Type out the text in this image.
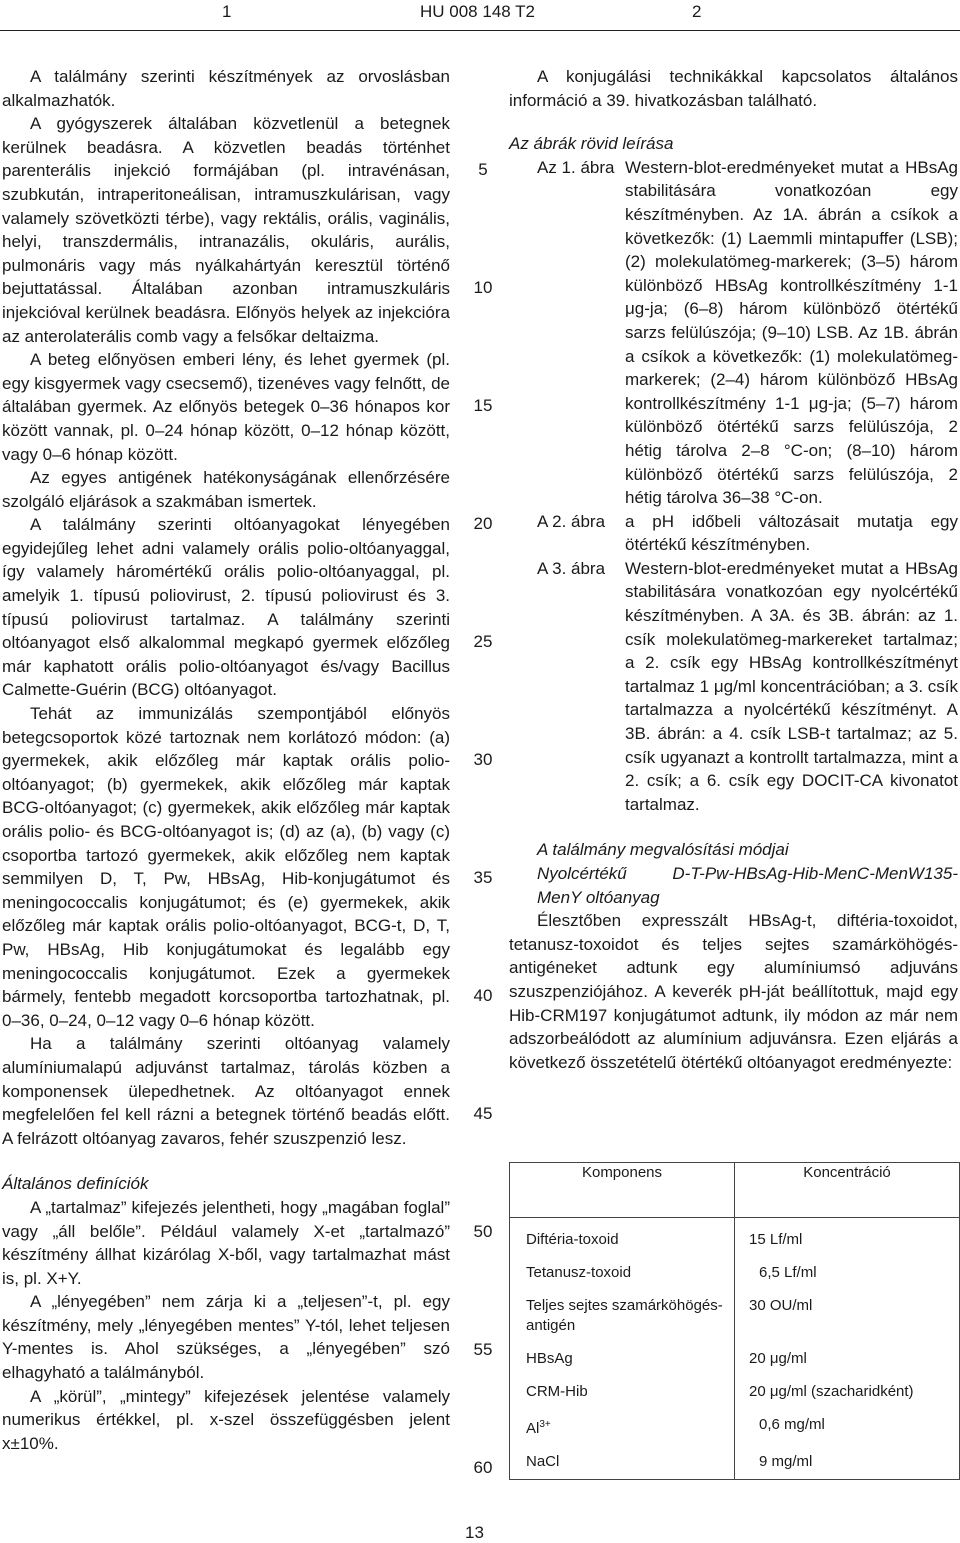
1	HU 008 148 T2	2

A találmány szerinti készítmények az orvoslásban alkalmazhatók.

A gyógyszerek általában közvetlenül a betegnek kerülnek beadásra. A közvetlen beadás történhet parenterális injekció formájában (pl. intravénásan, szubkután, intraperitoneálisan, intramuszkulárisan, vagy valamely szövetközti térbe), vagy rektális, orális, vaginális, helyi, transzdermális, intranazális, okuláris, aurális, pulmonáris vagy más nyálkahártyán keresztül történő bejuttatással. Általában azonban intramuszkuláris injekcióval kerülnek beadásra. Előnyös helyek az injekcióra az anterolaterális comb vagy a felsőkar deltaizma.

A beteg előnyösen emberi lény, és lehet gyermek (pl. egy kisgyermek vagy csecsemő), tizenéves vagy felnőtt, de általában gyermek. Az előnyös betegek 0–36 hónapos kor között vannak, pl. 0–24 hónap között, 0–12 hónap között, vagy 0–6 hónap között.

Az egyes antigének hatékonyságának ellenőrzésére szolgáló eljárások a szakmában ismertek.

A találmány szerinti oltóanyagokat lényegében egyidejűleg lehet adni valamely orális polio-oltóanyaggal, így valamely háromértékű orális polio-oltóanyaggal, pl. amelyik 1. típusú poliovirust, 2. típusú poliovirust és 3. típusú poliovirust tartalmaz. A találmány szerinti oltóanyagot első alkalommal megkapó gyermek előzőleg már kaphatott orális polio-oltóanyagot és/vagy Bacillus Calmette-Guérin (BCG) oltóanyagot.

Tehát az immunizálás szempontjából előnyös betegcsoportok közé tartoznak nem korlátozó módon: (a) gyermekek, akik előzőleg már kaptak orális polio-oltóanyagot; (b) gyermekek, akik előzőleg már kaptak BCG-oltóanyagot; (c) gyermekek, akik előzőleg már kaptak orális polio- és BCG-oltóanyagot is; (d) az (a), (b) vagy (c) csoportba tartozó gyermekek, akik előzőleg nem kaptak semmilyen D, T, Pw, HBsAg, Hib-konjugátumot és meningococcalis konjugátumot; és (e) gyermekek, akik előzőleg már kaptak orális polio-oltóanyagot, BCG-t, D, T, Pw, HBsAg, Hib konjugátumokat és legalább egy meningococcalis konjugátumot. Ezek a gyermekek bármely, fentebb megadott korcsoportba tartozhatnak, pl. 0–36, 0–24, 0–12 vagy 0–6 hónap között.

Ha a találmány szerinti oltóanyag valamely alumíniumalapú adjuvánst tartalmaz, tárolás közben a komponensek ülepedhetnek. Az oltóanyagot ennek megfelelően fel kell rázni a betegnek történő beadás előtt. A felrázott oltóanyag zavaros, fehér szuszpenzió lesz.

Általános definíciók

A „tartalmaz” kifejezés jelentheti, hogy „magában foglal” vagy „áll belőle”. Például valamely X-et „tartalmazó” készítmény állhat kizárólag X-ből, vagy tartalmazhat mást is, pl. X+Y.

A „lényegében” nem zárja ki a „teljesen”-t, pl. egy készítmény, mely „lényegében mentes” Y-tól, lehet teljesen Y-mentes is. Ahol szükséges, a „lényegében” szó elhagyható a találmányból.

A „körül”, „mintegy” kifejezések jelentése valamely numerikus értékkel, pl. x-szel összefüggésben jelent x±10%.

5
10
15
20
25
30
35
40
45
50
55
60

A konjugálási technikákkal kapcsolatos általános információ a 39. hivatkozásban található.

Az ábrák rövid leírása

Az 1. ábra Western-blot-eredményeket mutat a HBsAg stabilitására vonatkozóan egy készítményben. Az 1A. ábrán a csíkok a következők: (1) Laemmli mintapuffer (LSB); (2) molekulatömeg-markerek; (3–5) három különböző HBsAg kontrollkészítmény 1-1 μg-ja; (6–8) három különböző ötértékű sarzs felülúszója; (9–10) LSB. Az 1B. ábrán a csíkok a következők: (1) molekulatömeg-markerek; (2–4) három különböző HBsAg kontrollkészítmény 1-1 μg-ja; (5–7) három különböző ötértékű sarzs felülúszója, 2 hétig tárolva 2–8 °C-on; (8–10) három különböző ötértékű sarzs felülúszója, 2 hétig tárolva 36–38 °C-on.
A 2. ábra	a pH időbeli változásait mutatja egy ötértékű készítményben.
A 3. ábra	Western-blot-eredményeket mutat a HBsAg stabilitására vonatkozóan egy nyolcértékű készítményben. A 3A. és 3B. ábrán: az 1. csík molekulatömeg-markereket tartalmaz; a 2. csík egy HBsAg kontrollkészítményt tartalmaz 1 μg/ml koncentrációban; a 3. csík tartalmazza a nyolcértékű készítményt. A 3B. ábrán: a 4. csík LSB-t tartalmaz; az 5. csík ugyanazt a kontrollt tartalmazza, mint a 2. csík; a 6. csík egy DOCIT-CA kivonatot tartalmaz.

A találmány megvalósítási módjai

Nyolcértékű D-T-Pw-HBsAg-Hib-MenC-MenW135-MenY oltóanyag

Élesztőben expresszált HBsAg-t, diftéria-toxoidot, tetanusz-toxoidot és teljes sejtes szamárköhögés-antigéneket adtunk egy alumíniumsó adjuváns szuszpenziójához. A keverék pH-ját beállítottuk, majd egy Hib-CRM197 konjugátumot adtunk, ily módon az már nem adszorbeálódott az alumínium adjuvánsra. Ezen eljárás a következő összetételű ötértékű oltóanyagot eredményezte:

Komponens	Koncentráció
Diftéria-toxoid	15 Lf/ml
Tetanusz-toxoid	6,5 Lf/ml
Teljes sejtes szamárköhögés-antigén	30 OU/ml
HBsAg	20 μg/ml
CRM-Hib	20 μg/ml (szacharidként)
$Al^{3+}$	0,6 mg/ml
NaCl	9 mg/ml
13
